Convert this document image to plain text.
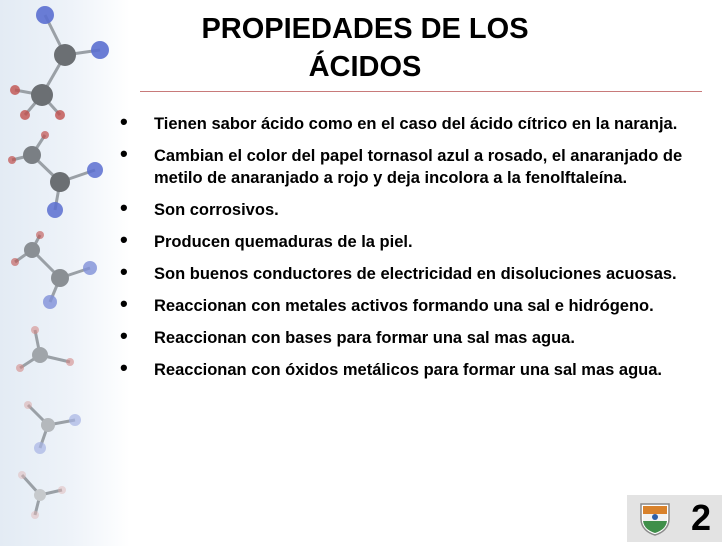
PROPIEDADES DE LOS
ÁCIDOS
• Tienen sabor ácido como en el caso del ácido cítrico en la naranja.
• Cambian el color del papel tornasol azul a rosado, el anaranjado de metilo de anaranjado a rojo y deja incolora a la fenolftaleína.
• Son corrosivos.
• Producen quemaduras de la piel.
• Son buenos conductores de electricidad en disoluciones acuosas.
• Reaccionan con metales activos formando una sal e hidrógeno.
• Reaccionan con bases para formar una sal mas agua.
• Reaccionan con óxidos metálicos para formar una sal mas agua.
2
